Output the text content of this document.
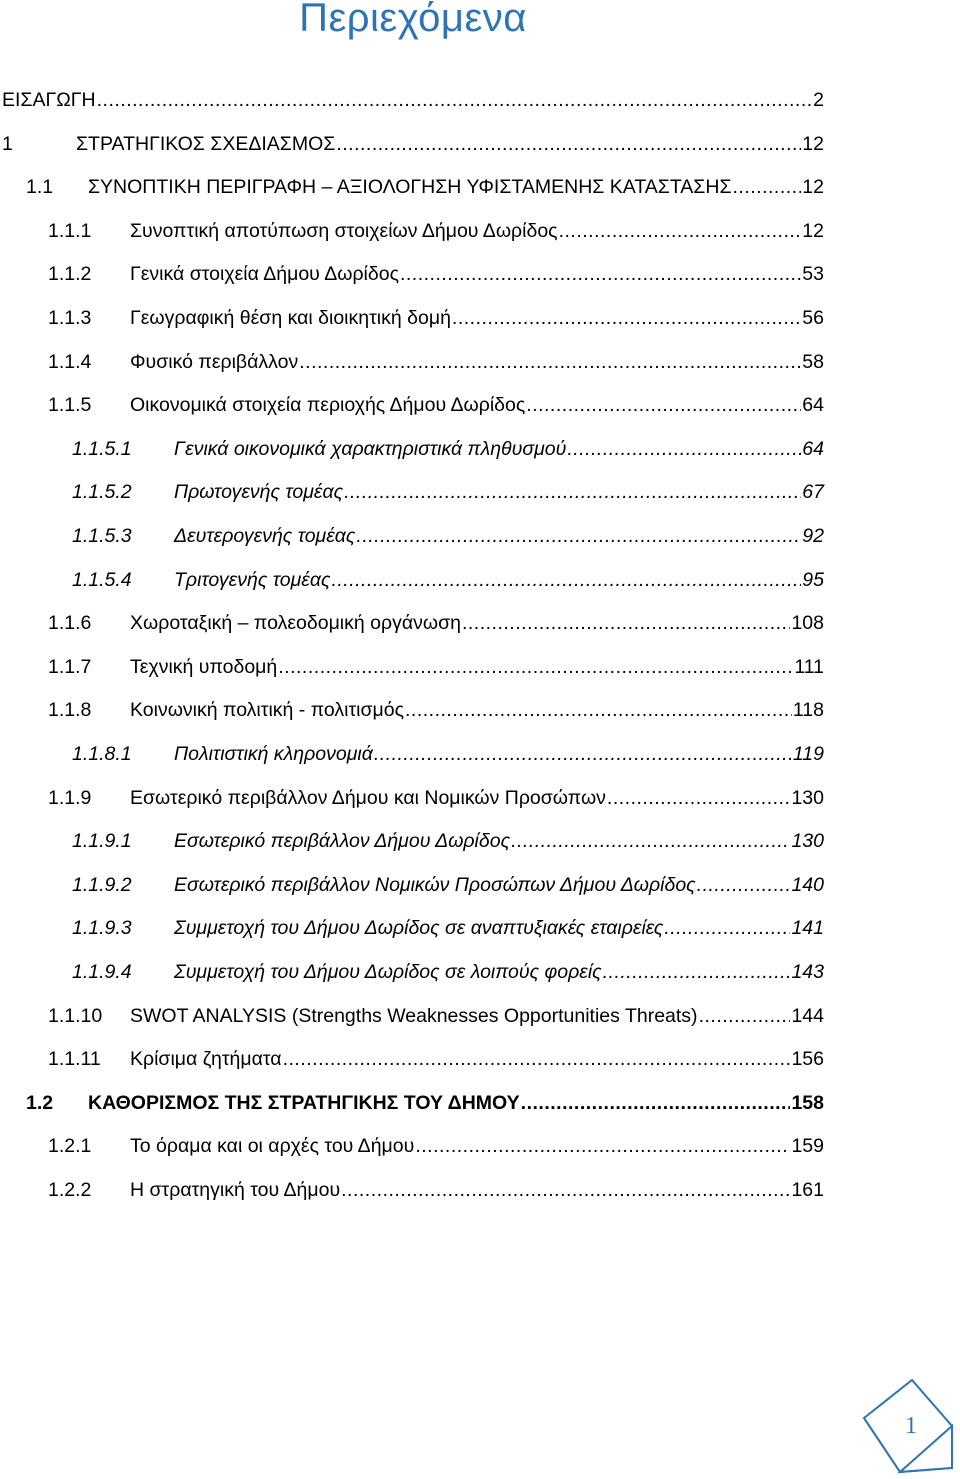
Περιεχόμενα
ΕΙΣΑΓΩΓΗ .....	2
1	ΣΤΡΑΤΗΓΙΚΟΣ ΣΧΕΔΙΑΣΜΟΣ .....	12
1.1	ΣΥΝΟΠΤΙΚΗ ΠΕΡΙΓΡΑΦΗ – ΑΞΙΟΛΟΓΗΣΗ ΥΦΙΣΤΑΜΕΝΗΣ ΚΑΤΑΣΤΑΣΗΣ .....	12
1.1.1	Συνοπτική αποτύπωση στοιχείων Δήμου Δωρίδος .....	12
1.1.2	Γενικά στοιχεία Δήμου Δωρίδος .....	53
1.1.3	Γεωγραφική θέση και διοικητική δομή .....	56
1.1.4	Φυσικό περιβάλλον .....	58
1.1.5	Οικονομικά στοιχεία περιοχής Δήμου Δωρίδος .....	64
1.1.5.1	Γενικά οικονομικά χαρακτηριστικά πληθυσμού .....	64
1.1.5.2	Πρωτογενής τομέας .....	67
1.1.5.3	Δευτερογενής τομέας .....	92
1.1.5.4	Τριτογενής τομέας .....	95
1.1.6	Χωροταξική – πολεοδομική οργάνωση .....	108
1.1.7	Τεχνική υποδομή .....	111
1.1.8	Κοινωνική πολιτική - πολιτισμός .....	118
1.1.8.1	Πολιτιστική κληρονομιά .....	119
1.1.9	Εσωτερικό περιβάλλον Δήμου και Νομικών Προσώπων .....	130
1.1.9.1	Εσωτερικό περιβάλλον Δήμου Δωρίδος .....	130
1.1.9.2	Εσωτερικό περιβάλλον Νομικών Προσώπων Δήμου Δωρίδος .....	140
1.1.9.3	Συμμετοχή του Δήμου Δωρίδος σε αναπτυξιακές εταιρείες .....	141
1.1.9.4	Συμμετοχή του Δήμου Δωρίδος σε λοιπούς φορείς .....	143
1.1.10	SWOT ANALYSIS (Strengths Weaknesses Opportunities Threats) .....	144
1.1.11	Κρίσιμα ζητήματα .....	156
1.2	ΚΑΘΟΡΙΣΜΟΣ ΤΗΣ ΣΤΡΑΤΗΓΙΚΗΣ ΤΟΥ ΔΗΜΟΥ .....	158
1.2.1	Το όραμα και οι αρχές του Δήμου .....	159
1.2.2	Η στρατηγική του Δήμου .....	161
1
